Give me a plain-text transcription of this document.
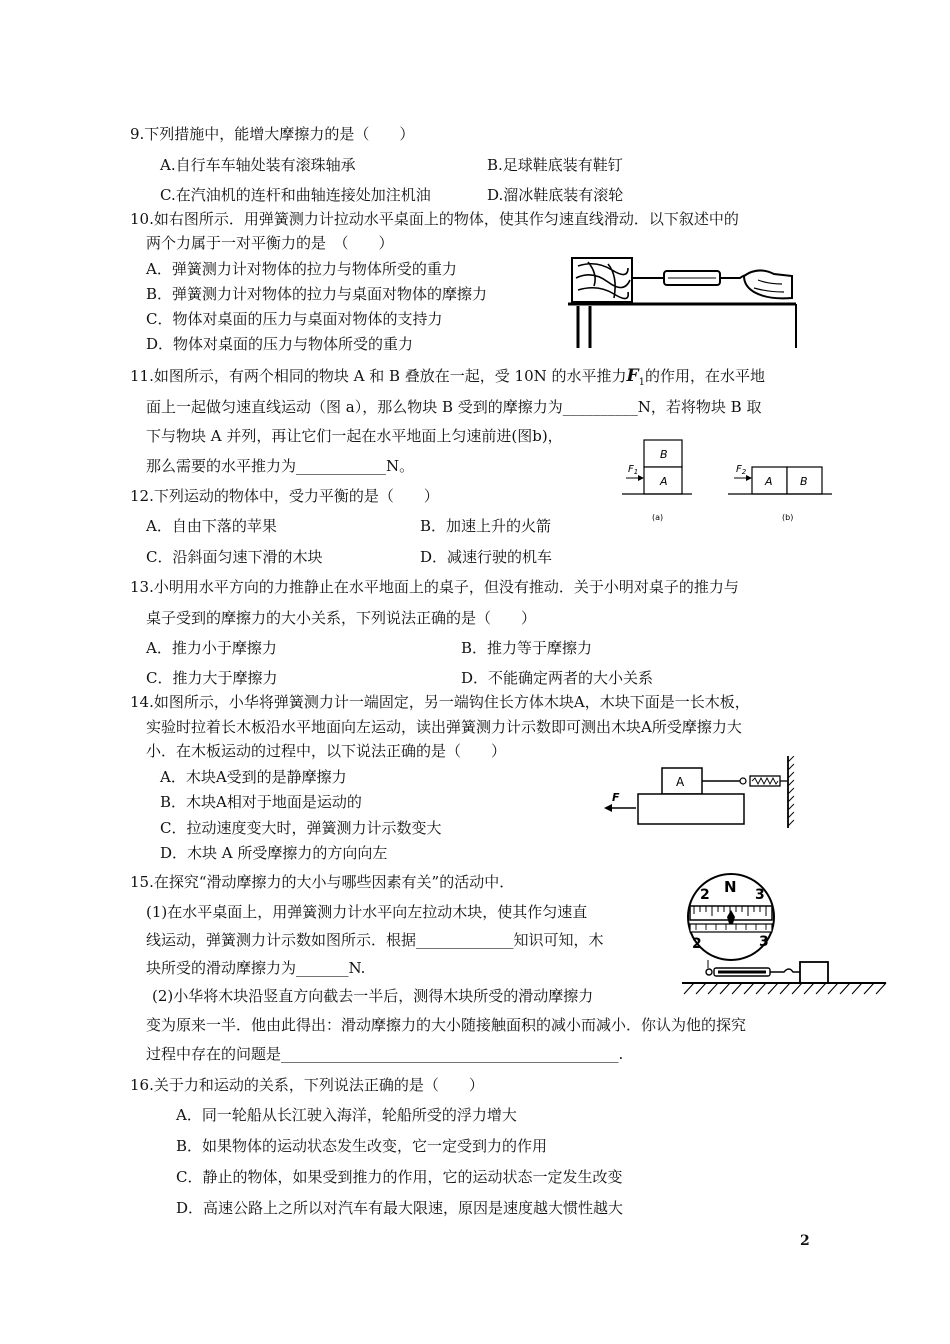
9.下列措施中，能增大摩擦力的是（　　）
A.自行车车轴处装有滚珠轴承	B.足球鞋底装有鞋钉
C.在汽油机的连杆和曲轴连接处加注机油	D.溜冰鞋底装有滚轮
10.如右图所示．用弹簧测力计拉动水平桌面上的物体，使其作匀速直线滑动．以下叙述中的
两个力属于一对平衡力的是　（　　）
A．弹簧测力计对物体的拉力与物体所受的重力
B．弹簧测力计对物体的拉力与桌面对物体的摩擦力
C．物体对桌面的压力与桌面对物体的支持力
D．物体对桌面的压力与物体所受的重力
11.如图所示，有两个相同的物块 A 和 B 叠放在一起，受 10N 的水平推力$F_1$的作用，在水平地
面上一起做匀速直线运动（图 a），那么物块 B 受到的摩擦力为__________N，若将物块 B 取
下与物块 A 并列，再让它们一起在水平地面上匀速前进(图b)，
那么需要的水平推力为____________N。
B
A
$F_1$
(a)
A B
$F_2$
(b)
12.下列运动的物体中，受力平衡的是（　　）
A．自由下落的苹果	B．加速上升的火箭
C．沿斜面匀速下滑的木块	D．减速行驶的机车
13.小明用水平方向的力推静止在水平地面上的桌子，但没有推动．关于小明对桌子的推力与
桌子受到的摩擦力的大小关系，下列说法正确的是（　　）
A．推力小于摩擦力	B．推力等于摩擦力
C．推力大于摩擦力	D．不能确定两者的大小关系
14.如图所示，小华将弹簧测力计一端固定，另一端钩住长方体木块A，木块下面是一长木板，
实验时拉着长木板沿水平地面向左运动，读出弹簧测力计示数即可测出木块A所受摩擦力大
小．在木板运动的过程中，以下说法正确的是（　　）
A．木块A受到的是静摩擦力
B．木块A相对于地面是运动的
C．拉动速度变大时，弹簧测力计示数变大
D．木块 A 所受摩擦力的方向向左
A
F
15.在探究“滑动摩擦力的大小与哪些因素有关”的活动中．
(1)在水平桌面上，用弹簧测力计水平向左拉动木块，使其作匀速直
线运动，弹簧测力计示数如图所示．根据_____________知识可知，木
块所受的滑动摩擦力为_______N.
(2)小华将木块沿竖直方向截去一半后，测得木块所受的滑动摩擦力
变为原来一半．他由此得出：滑动摩擦力的大小随接触面积的减小而减小．你认为他的探究
过程中存在的问题是_____________________________________________.
N
2	3
2	3
16.关于力和运动的关系，下列说法正确的是（　　）
A．同一轮船从长江驶入海洋，轮船所受的浮力增大
B．如果物体的运动状态发生改变，它一定受到力的作用
C．静止的物体，如果受到推力的作用，它的运动状态一定发生改变
D．高速公路上之所以对汽车有最大限速，原因是速度越大惯性越大
2
